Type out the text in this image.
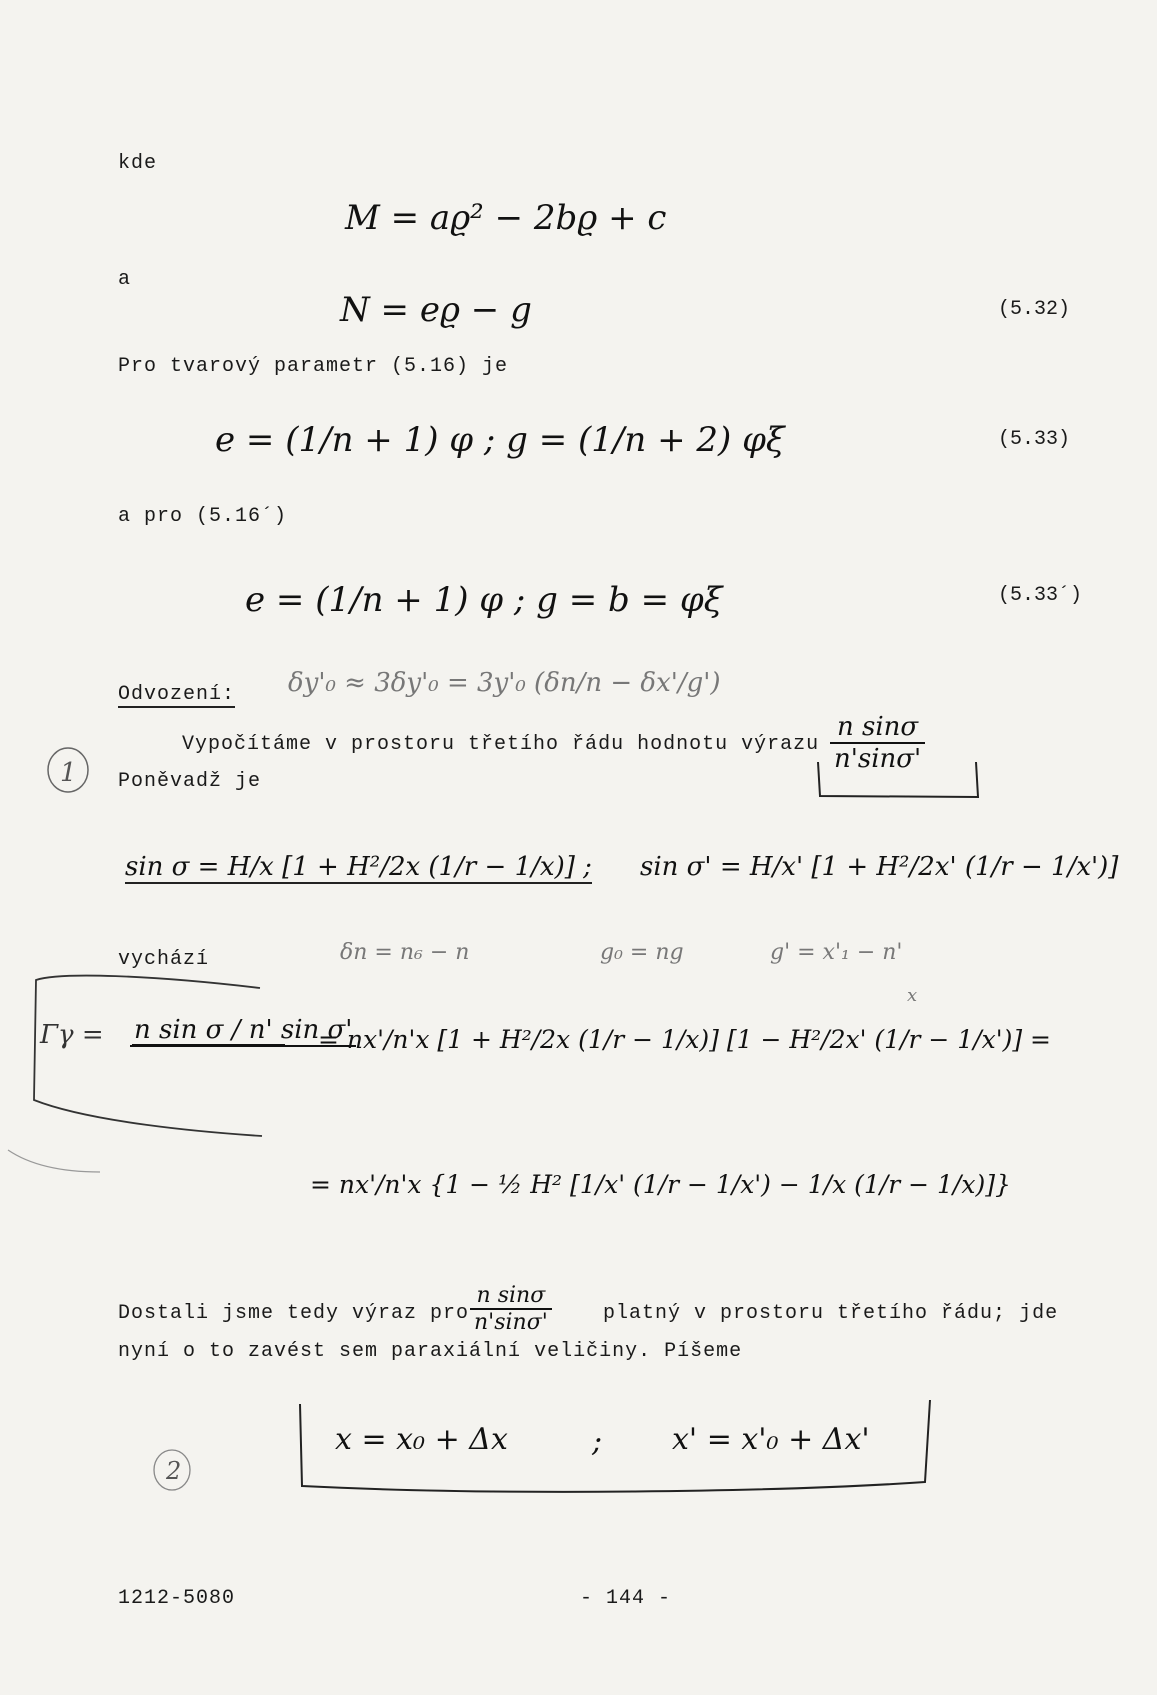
kde
a
Pro tvarový parametr (5.16) je
a pro (5.16´)
Odvození:
Vypočítáme v prostoru třetího řádu hodnotu výrazu
Poněvadž je
vychází
Dostali jsme tedy výraz pro	platný v prostoru třetího řádu; jde
nyní o to zavést sem paraxiální veličiny. Píšeme
1212-5080	- 144 -
(5.32)
(5.33)
(5.33´)
M = aϱ² − 2bϱ + c
N = eϱ − g
e = (1/n + 1) φ ; g = (1/n + 2) φξ
e = (1/n + 1) φ ; g = b = φξ
$\frac{\text{n sinσ}}{n'\sin\sigma'}$
sin σ = H/x [1 + H²/2x (1/r − 1/x)] ; sin σ' = H/x' [1 + H²/2x' (1/r − 1/x')]
n sin σ / n' sin σ'
= nx'/n'x [1 + H²/2x (1/r − 1/x)] [1 − H²/2x' (1/r − 1/x')] =
= nx'/n'x {1 − ½ H² [1/x' (1/r − 1/x') − 1/x (1/r − 1/x)]}
$\frac{\text{n sinσ}}{n'\sin\sigma'}$
x = x₀ + Δx	; x' = x'₀ + Δx'
δy'₀ ≈ 3δy'₀ = 3y'₀ (δn/n − δx'/g')
δn = n₆ − n	g₀ = ng	g' = x'₁ − n'
x
Γγ =
1
2
